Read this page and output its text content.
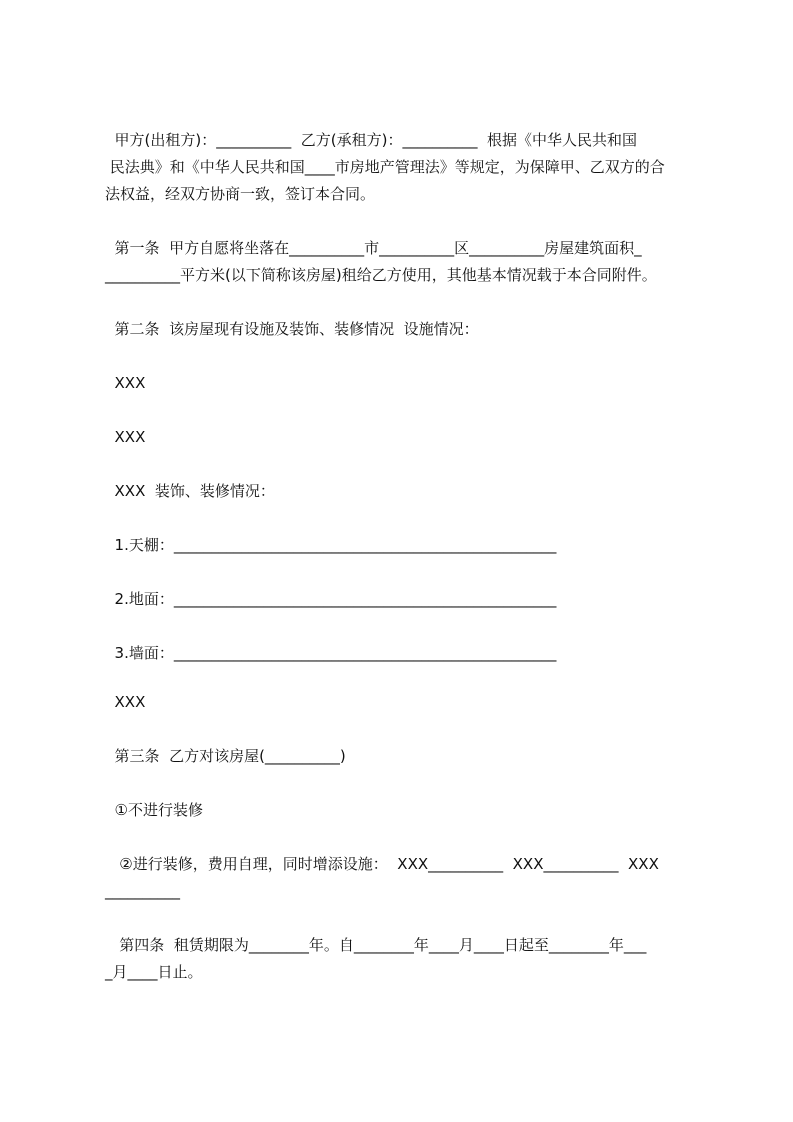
甲方(出租方)：__________  乙方(承租方)：__________  根据《中华人民共和国
民法典》和《中华人民共和国____市房地产管理法》等规定，为保障甲、乙双方的合
法权益，经双方协商一致，签订本合同。
第一条  甲方自愿将坐落在__________市__________区__________房屋建筑面积_
__________平方米(以下简称该房屋)租给乙方使用，其他基本情况载于本合同附件。
第二条  该房屋现有设施及装饰、装修情况  设施情况：
XXX
XXX
XXX  装饰、装修情况：
1.天棚：___________________________________________________
2.地面：___________________________________________________
3.墙面：___________________________________________________
XXX
第三条  乙方对该房屋(__________)
①不进行装修
②进行装修，费用自理，同时增添设施：  XXX__________  XXX__________  XXX
__________
第四条  租赁期限为________年。自________年____月____日起至________年___
_月____日止。
